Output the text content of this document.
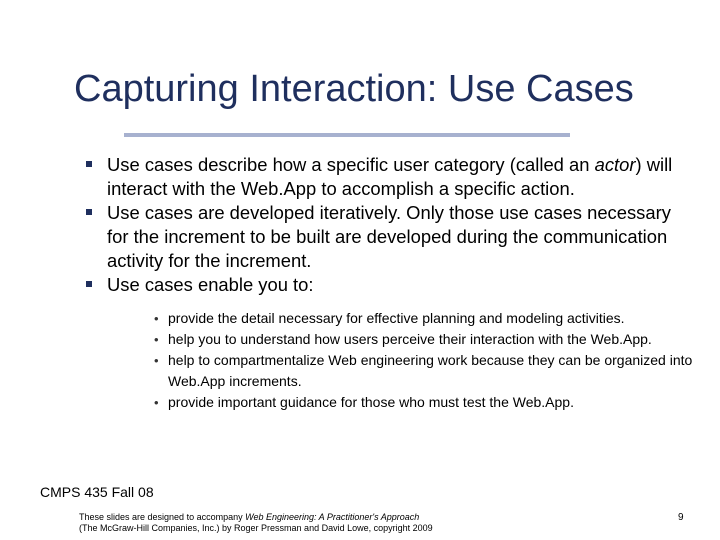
Capturing Interaction: Use Cases
Use cases describe how a specific user category (called an actor) will interact with the Web.App to accomplish a specific action.
Use cases are developed iteratively. Only those use cases necessary for the increment to be built are developed during the communication activity for the increment.
Use cases enable you to:
• provide the detail necessary for effective planning and modeling activities.
• help you to understand how users perceive their interaction with the Web.App.
• help to compartmentalize Web engineering work because they can be organized into Web.App increments.
• provide important guidance for those who must test the Web.App.
CMPS 435 Fall 08
These slides are designed to accompany Web Engineering: A Practitioner's Approach
(The McGraw-Hill Companies, Inc.) by Roger Pressman and David Lowe, copyright 2009
9
